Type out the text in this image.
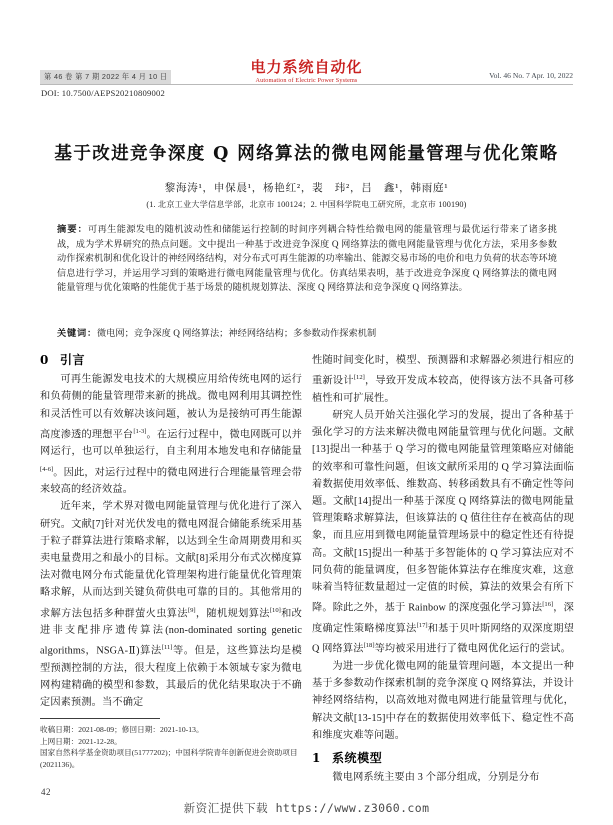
第 46 卷 第 7 期 2022 年 4 月 10 日
DOI: 10.7500/AEPS20210809002
电力系统自动化
Automation of Electric Power Systems
Vol. 46 No. 7 Apr. 10, 2022
基于改进竞争深度 Q 网络算法的微电网能量管理与优化策略
黎海涛¹，申保晨¹，杨艳红²，裴　玮²，吕　鑫¹，韩雨庭¹
(1. 北京工业大学信息学部，北京市 100124；2. 中国科学院电工研究所，北京市 100190)
摘要：可再生能源发电的随机波动性和储能运行控制的时间序列耦合特性给微电网的能量管理与最优运行带来了诸多挑战，成为学术界研究的热点问题。文中提出一种基于改进竞争深度 Q 网络算法的微电网能量管理与优化方法，采用多参数动作探索机制和优化设计的神经网络结构，对分布式可再生能源的功率输出、能源交易市场的电价和电力负荷的状态等环境信息进行学习，并运用学习到的策略进行微电网能量管理与优化。仿真结果表明，基于改进竞争深度 Q 网络算法的微电网能量管理与优化策略的性能优于基于场景的随机规划算法、深度 Q 网络算法和竞争深度 Q 网络算法。
关键词：微电网；竞争深度 Q 网络算法；神经网络结构；多参数动作探索机制
0 引言

可再生能源发电技术的大规模应用给传统电网的运行和负荷侧的能量管理带来新的挑战。微电网利用其调控性和灵活性可以有效解决该问题，被认为是接纳可再生能源高度渗透的理想平台[1-3]。在运行过程中，微电网既可以并网运行，也可以单独运行，自主利用本地发电和存储能量[4-6]。因此，对运行过程中的微电网进行合理能量管理会带来较高的经济效益。

近年来，学术界对微电网能量管理与优化进行了深入研究。文献[7]针对光伏发电的微电网混合储能系统采用基于粒子群算法进行策略求解，以达到全生命周期费用和买卖电量费用之和最小的目标。文献[8]采用分布式次梯度算法对微电网分布式能量优化管理架构进行能量优化管理策略求解，从而达到关键负荷供电可靠的目的。其他常用的求解方法包括多种群萤火虫算法[9]，随机规划算法[10]和改进非支配排序遗传算法(non-dominated sorting genetic algorithms，NSGA-Ⅱ)算法[11]等。但是，这些算法均是模型预测控制的方法，很大程度上依赖于本领域专家为微电网构建精确的模型和参数，其最后的优化结果取决于不确定因素预测。当不确定

性随时间变化时，模型、预测器和求解器必须进行相应的重新设计[12]，导致开发成本较高，使得该方法不具备可移植性和可扩展性。

研究人员开始关注强化学习的发展，提出了各种基于强化学习的方法来解决微电网能量管理与优化问题。文献[13]提出一种基于 Q 学习的微电网能量管理策略应对储能的效率和可靠性问题，但该文献所采用的 Q 学习算法面临着数据使用效率低、维数高、转移函数具有不确定性等问题。文献[14]提出一种基于深度 Q 网络算法的微电网能量管理策略求解算法，但该算法的 Q 值往往存在被高估的现象，而且应用到微电网能量管理场景中的稳定性还有待提高。文献[15]提出一种基于多智能体的 Q 学习算法应对不同负荷的能量调度，但多智能体算法存在维度灾难，这意味着当特征数量超过一定值的时候，算法的效果会有所下降。除此之外，基于 Rainbow 的深度强化学习算法[16]，深度确定性策略梯度算法[17]和基于贝叶斯网络的双深度期望 Q 网络算法[18]等均被采用进行了微电网优化运行的尝试。

为进一步优化微电网的能量管理问题，本文提出一种基于多参数动作探索机制的竞争深度 Q 网络算法，并设计神经网络结构，以高效地对微电网进行能量管理与优化，解决文献[13-15]中存在的数据使用效率低下、稳定性不高和维度灾难等问题。

1 系统模型

微电网系统主要由 3 个部分组成，分别是分布

收稿日期：2021-08-09；修回日期：2021-10-13。
上网日期：2021-12-28。
国家自然科学基金资助项目(51777202)；中国科学院青年创新促进会资助项目(2021136)。
42
新资汇提供下载 https://www.z3060.com
